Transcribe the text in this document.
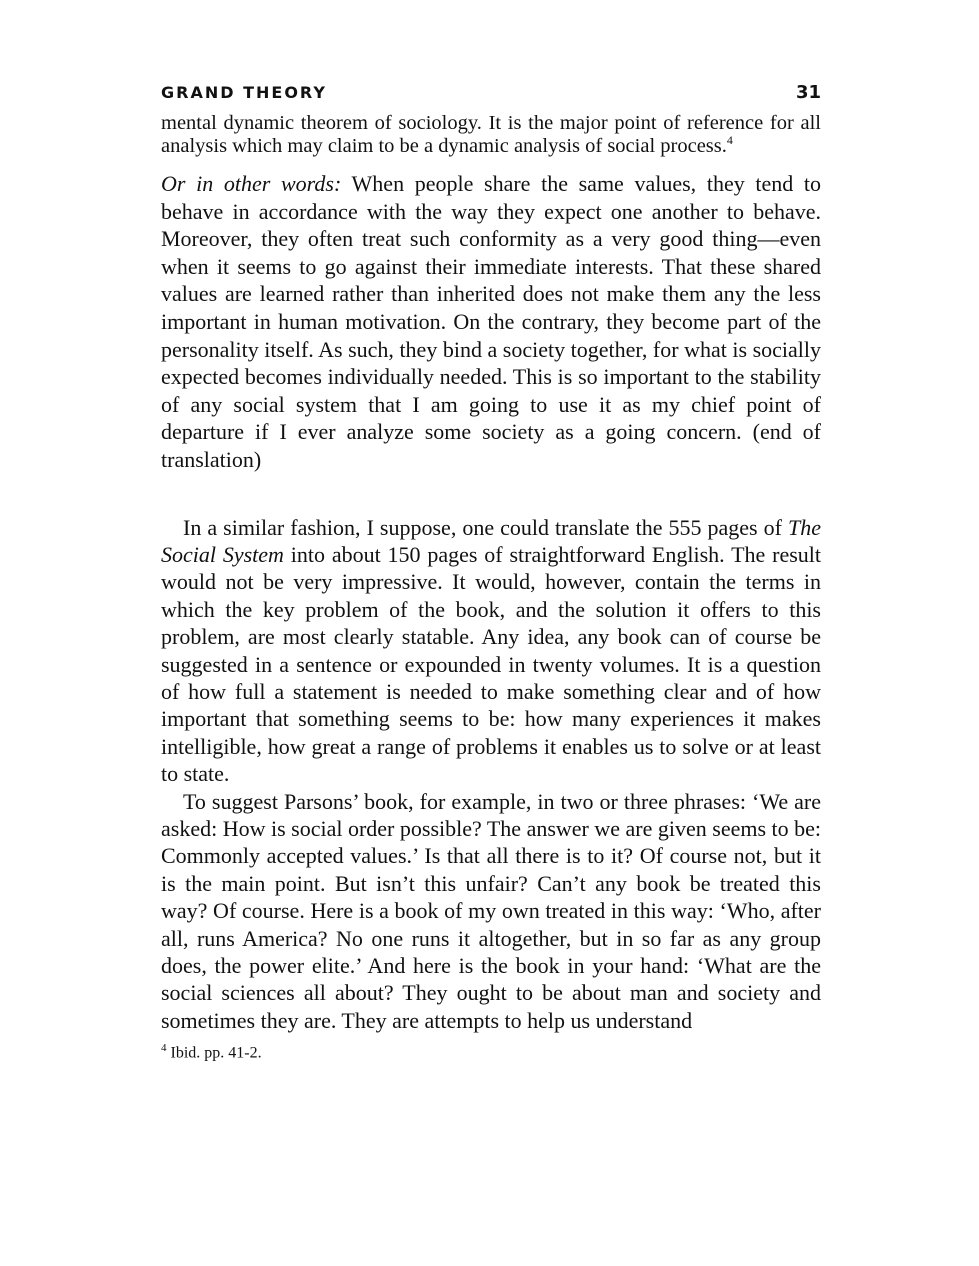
GRAND THEORY	31

mental dynamic theorem of sociology. It is the major point of reference for all analysis which may claim to be a dynamic analysis of social process.$^4$

Or in other words: When people share the same values, they tend to behave in accordance with the way they expect one another to behave. Moreover, they often treat such conformity as a very good thing—even when it seems to go against their immediate interests. That these shared values are learned rather than inherited does not make them any the less important in human motivation. On the contrary, they become part of the personality itself. As such, they bind a society together, for what is socially expected becomes individually needed. This is so important to the stability of any social system that I am going to use it as my chief point of departure if I ever analyze some society as a going concern. (end of translation)

In a similar fashion, I suppose, one could translate the 555 pages of The Social System into about 150 pages of straightforward English. The result would not be very impressive. It would, however, contain the terms in which the key problem of the book, and the solution it offers to this problem, are most clearly statable. Any idea, any book can of course be suggested in a sentence or expounded in twenty volumes. It is a question of how full a statement is needed to make something clear and of how important that something seems to be: how many experiences it makes intelligible, how great a range of problems it enables us to solve or at least to state.

To suggest Parsons’ book, for example, in two or three phrases: ‘We are asked: How is social order possible? The answer we are given seems to be: Commonly accepted values.’ Is that all there is to it? Of course not, but it is the main point. But isn’t this unfair? Can’t any book be treated this way? Of course. Here is a book of my own treated in this way: ‘Who, after all, runs America? No one runs it altogether, but in so far as any group does, the power elite.’ And here is the book in your hand: ‘What are the social sciences all about? They ought to be about man and society and sometimes they are. They are attempts to help us understand

$^4$ Ibid. pp. 41-2.
